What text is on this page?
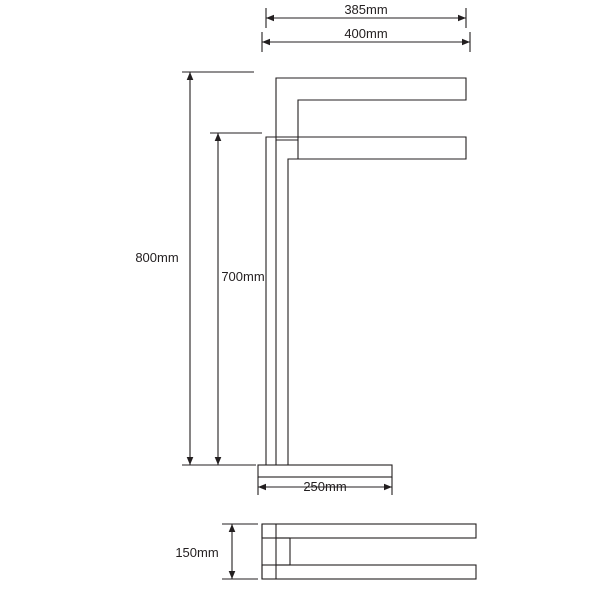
385mm
400mm
800mm
700mm
250mm
150mm
